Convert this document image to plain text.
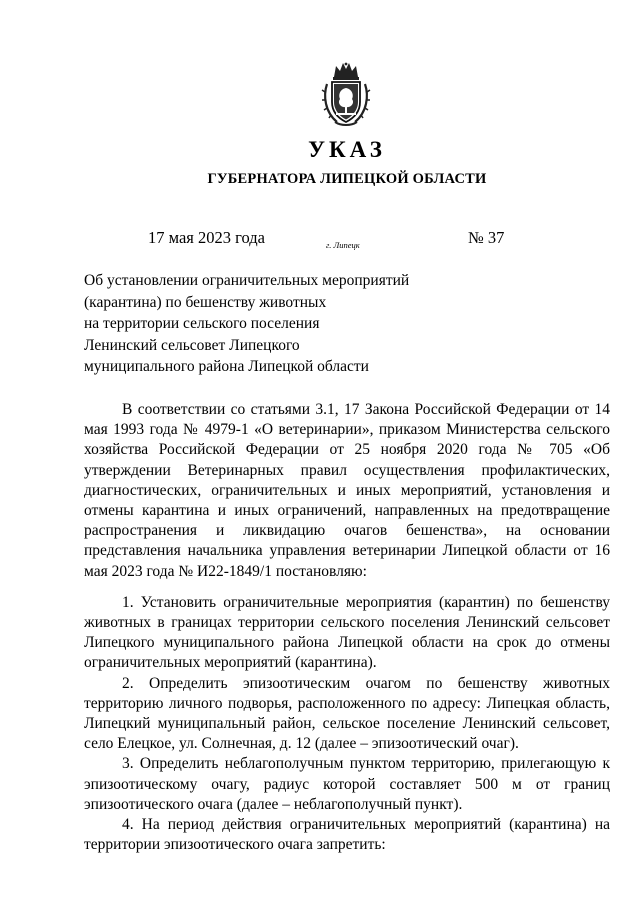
УКАЗ
ГУБЕРНАТОРА ЛИПЕЦКОЙ ОБЛАСТИ
17 мая 2023 года	г. Липецк	№ 37
Об установлении ограничительных мероприятий
(карантина) по бешенству животных
на территории сельского поселения
Ленинский сельсовет Липецкого
муниципального района Липецкой области

В соответствии со статьями 3.1, 17 Закона Российской Федерации от 14 мая 1993 года № 4979-1 «О ветеринарии», приказом Министерства сельского хозяйства Российской Федерации от 25 ноября 2020 года № 705 «Об утверждении Ветеринарных правил осуществления профилактических, диагностических, ограничительных и иных мероприятий, установления и отмены карантина и иных ограничений, направленных на предотвращение распространения и ликвидацию очагов бешенства», на основании представления начальника управления ветеринарии Липецкой области от 16 мая 2023 года № И22-1849/1 постановляю:

1. Установить ограничительные мероприятия (карантин) по бешенству животных в границах территории сельского поселения Ленинский сельсовет Липецкого муниципального района Липецкой области на срок до отмены ограничительных мероприятий (карантина).

2. Определить эпизоотическим очагом по бешенству животных территорию личного подворья, расположенного по адресу: Липецкая область, Липецкий муниципальный район, сельское поселение Ленинский сельсовет, село Елецкое, ул. Солнечная, д. 12 (далее – эпизоотический очаг).

3. Определить неблагополучным пунктом территорию, прилегающую к эпизоотическому очагу, радиус которой составляет 500 м от границ эпизоотического очага (далее – неблагополучный пункт).

4. На период действия ограничительных мероприятий (карантина) на территории эпизоотического очага запретить:
